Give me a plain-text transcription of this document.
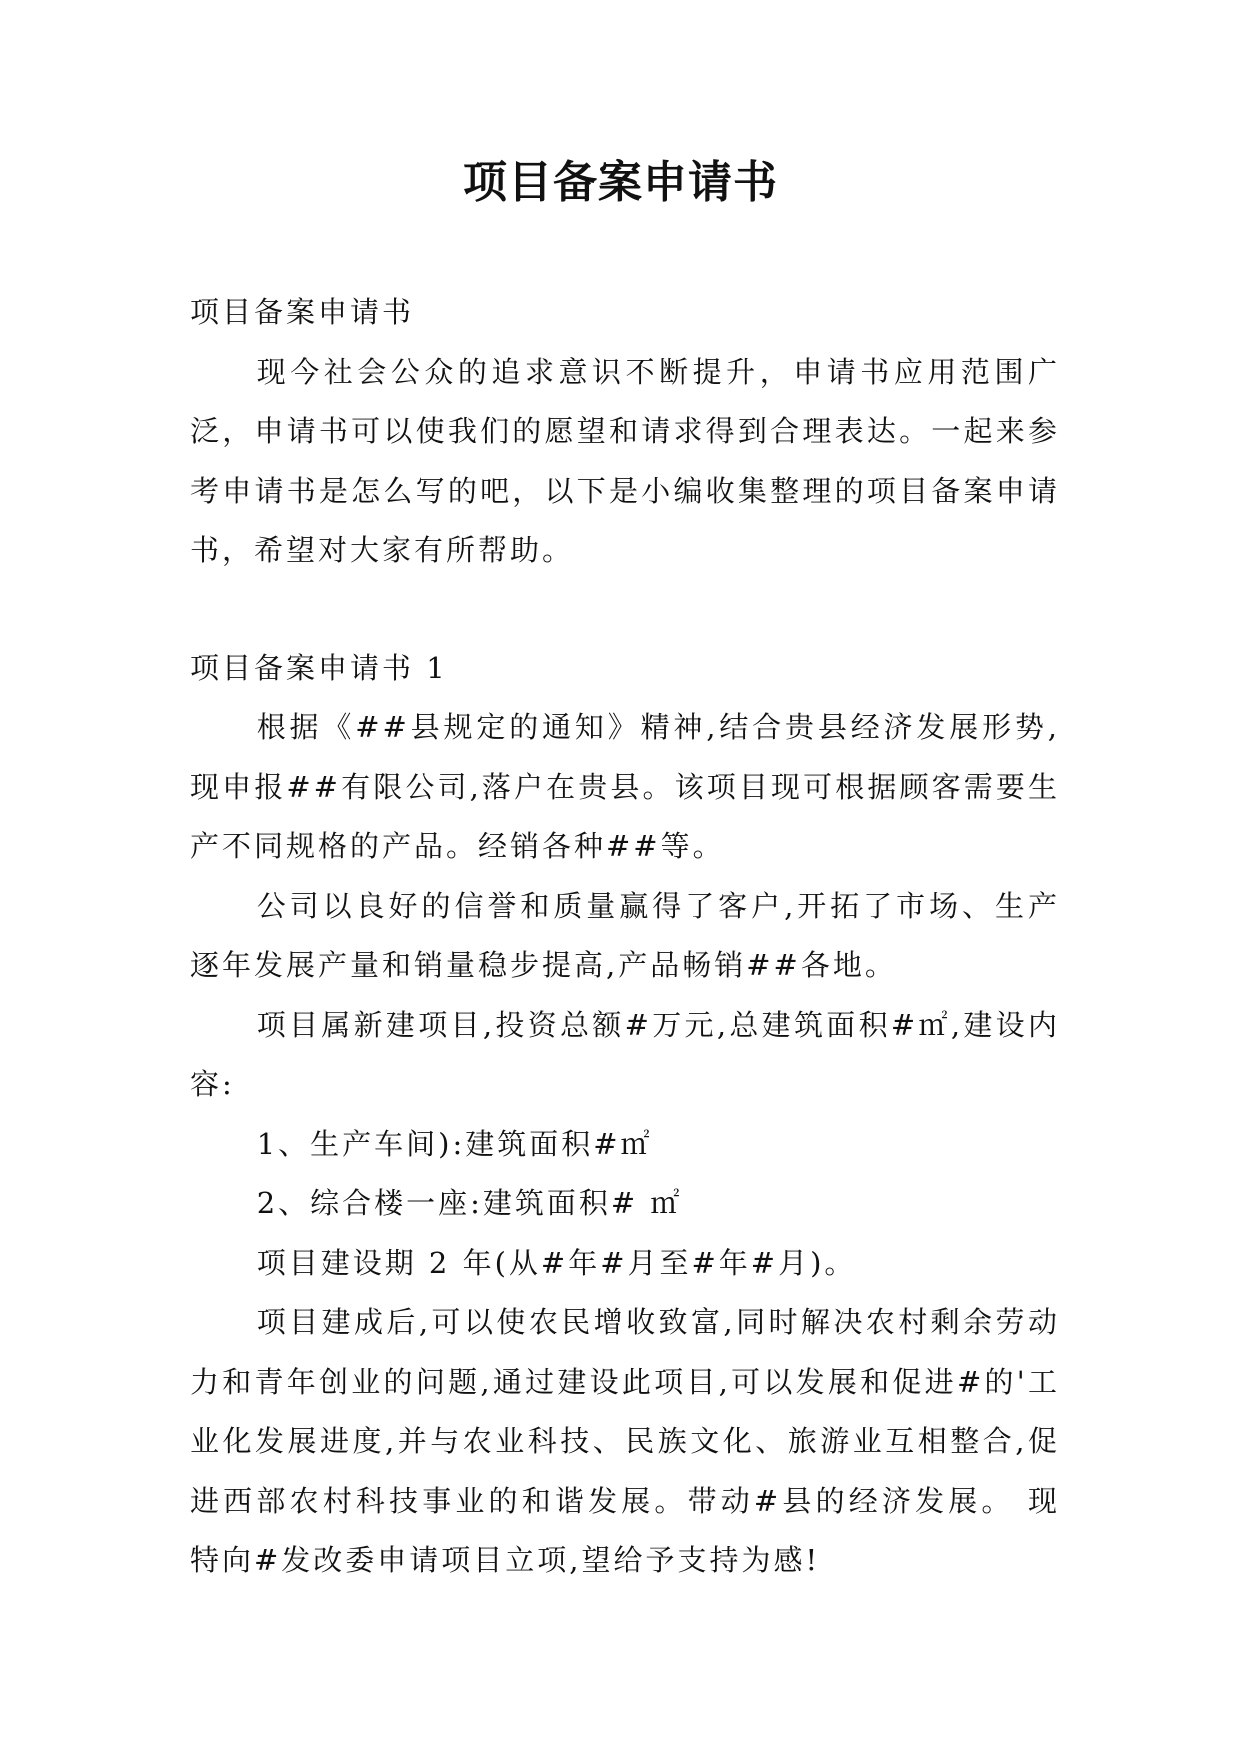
项目备案申请书

项目备案申请书

现今社会公众的追求意识不断提升，申请书应用范围广泛，申请书可以使我们的愿望和请求得到合理表达。一起来参考申请书是怎么写的吧，以下是小编收集整理的项目备案申请书，希望对大家有所帮助。

项目备案申请书 1

根据《##县规定的通知》精神,结合贵县经济发展形势,现申报##有限公司,落户在贵县。该项目现可根据顾客需要生产不同规格的产品。经销各种##等。

公司以良好的信誉和质量赢得了客户,开拓了市场、生产逐年发展产量和销量稳步提高,产品畅销##各地。

项目属新建项目,投资总额#万元,总建筑面积#㎡,建设内容:

1、生产车间):建筑面积#㎡

2、综合楼一座:建筑面积# ㎡

项目建设期 2 年(从#年#月至#年#月)。

项目建成后,可以使农民增收致富,同时解决农村剩余劳动力和青年创业的问题,通过建设此项目,可以发展和促进#的'工业化发展进度,并与农业科技、民族文化、旅游业互相整合,促进西部农村科技事业的和谐发展。带动#县的经济发展。 现特向#发改委申请项目立项,望给予支持为感!
